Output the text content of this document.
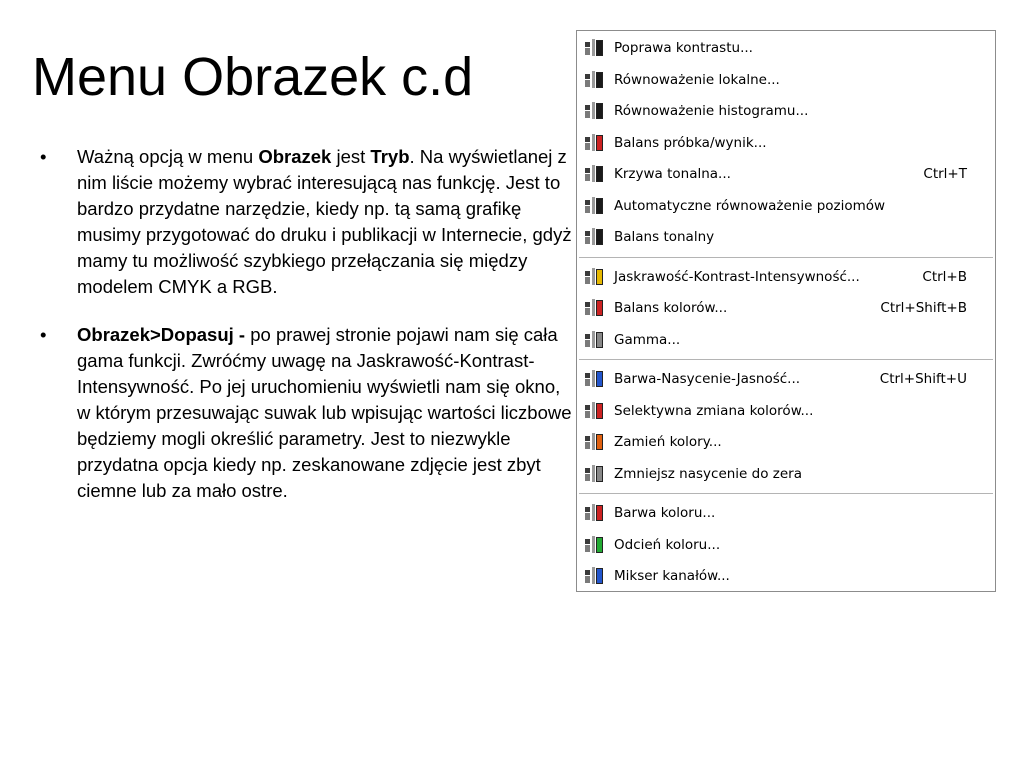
Menu Obrazek c.d
• Ważną opcją w menu Obrazek jest Tryb. Na wyświetlanej z nim liście możemy wybrać interesującą nas funkcję. Jest to bardzo przydatne narzędzie, kiedy np. tą samą grafikę musimy przygotować do druku i publikacji w Internecie, gdyż mamy tu możliwość szybkiego przełączania się między modelem CMYK a RGB.
• Obrazek>Dopasuj - po prawej stronie pojawi nam się cała gama funkcji. Zwróćmy uwagę na Jaskrawość-Kontrast-Intensywność. Po jej uruchomieniu wyświetli nam się okno, w którym przesuwając suwak lub wpisując wartości liczbowe będziemy mogli określić parametry. Jest to niezwykle przydatna opcja kiedy np. zeskanowane zdjęcie jest zbyt ciemne lub za mało ostre.
Poprawa kontrastu...
Równoważenie lokalne...
Równoważenie histogramu...
Balans próbka/wynik...
Krzywa tonalna...	Ctrl+T
Automatyczne równoważenie poziomów
Balans tonalny
Jaskrawość-Kontrast-Intensywność...	Ctrl+B
Balans kolorów...	Ctrl+Shift+B
Gamma...
Barwa-Nasycenie-Jasność...	Ctrl+Shift+U
Selektywna zmiana kolorów...
Zamień kolory...
Zmniejsz nasycenie do zera
Barwa koloru...
Odcień koloru...
Mikser kanałów...
